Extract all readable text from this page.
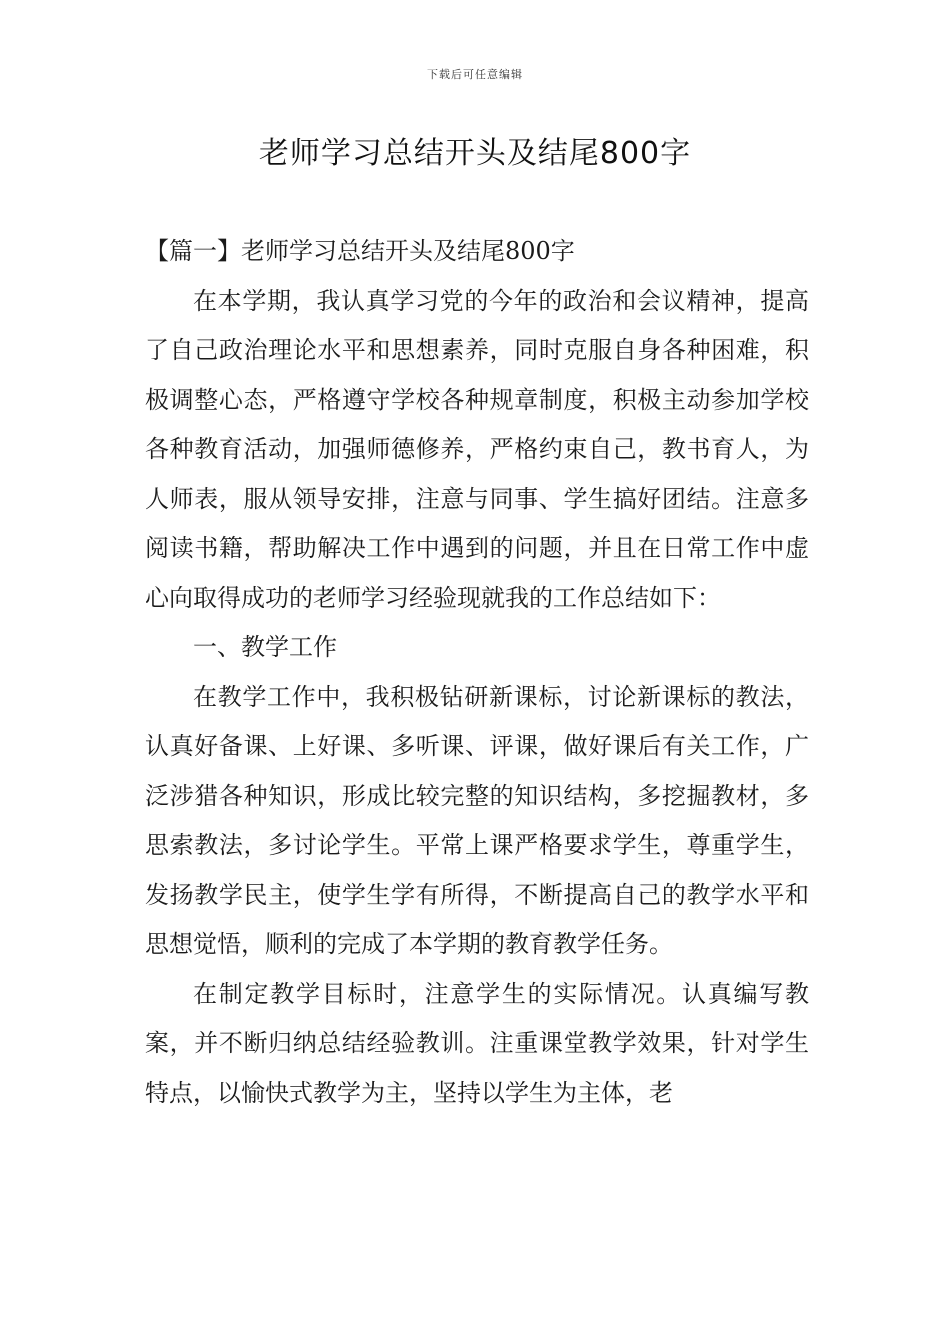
下载后可任意编辑
老师学习总结开头及结尾800字

【篇一】老师学习总结开头及结尾800字

在本学期，我认真学习党的今年的政治和会议精神，提高了自己政治理论水平和思想素养，同时克服自身各种困难，积极调整心态，严格遵守学校各种规章制度，积极主动参加学校各种教育活动，加强师德修养，严格约束自己，教书育人，为人师表，服从领导安排，注意与同事、学生搞好团结。注意多阅读书籍，帮助解决工作中遇到的问题，并且在日常工作中虚心向取得成功的老师学习经验现就我的工作总结如下：

一、教学工作

在教学工作中，我积极钻研新课标，讨论新课标的教法，认真好备课、上好课、多听课、评课，做好课后有关工作，广泛涉猎各种知识，形成比较完整的知识结构，多挖掘教材，多思索教法，多讨论学生。平常上课严格要求学生，尊重学生，发扬教学民主，使学生学有所得，不断提高自己的教学水平和思想觉悟，顺利的完成了本学期的教育教学任务。

在制定教学目标时，注意学生的实际情况。认真编写教案，并不断归纳总结经验教训。注重课堂教学效果，针对学生特点，以愉快式教学为主，坚持以学生为主体，老
